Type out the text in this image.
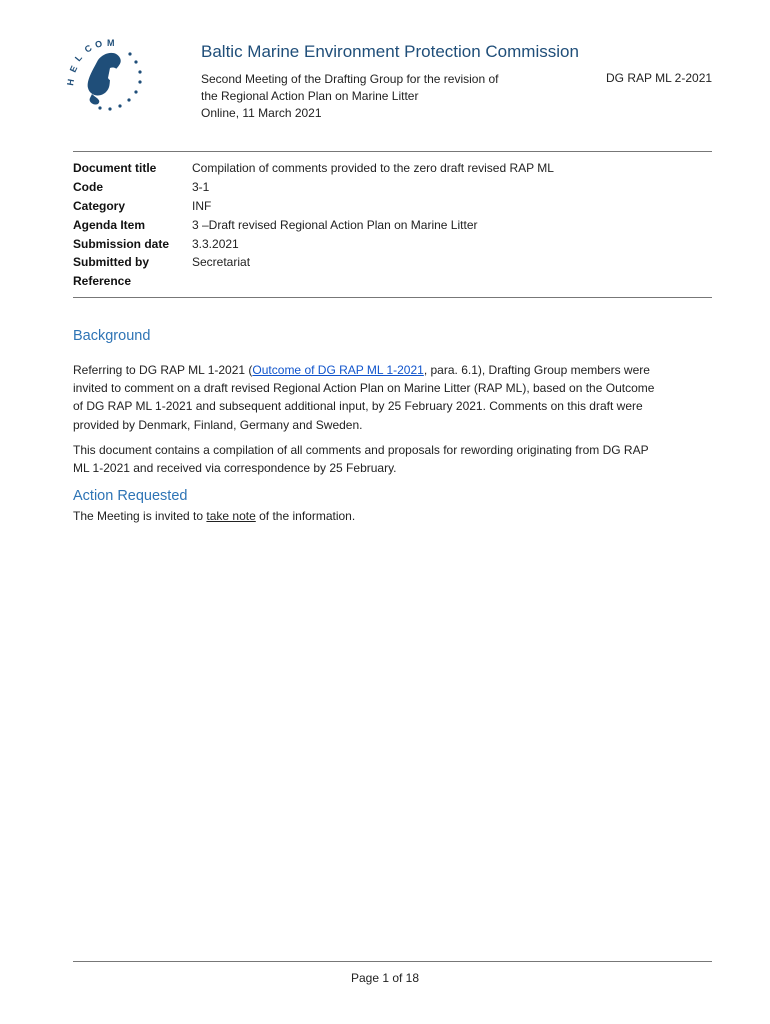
H
E
L
C O M	Baltic Marine Environment Protection Commission
Second Meeting of the Drafting Group for the revision of
the Regional Action Plan on Marine Litter
Online, 11 March 2021
DG RAP ML 2-2021
Document title	Compilation of comments provided to the zero draft revised RAP ML
Code	3-1
Category	INF
Agenda Item	3 –Draft revised Regional Action Plan on Marine Litter
Submission date	3.3.2021
Submitted by	Secretariat
Reference
Background
Referring to DG RAP ML 1-2021 (Outcome of DG RAP ML 1-2021, para. 6.1), Drafting Group members were
invited to comment on a draft revised Regional Action Plan on Marine Litter (RAP ML), based on the Outcome
of DG RAP ML 1-2021 and subsequent additional input, by 25 February 2021. Comments on this draft were
provided by Denmark, Finland, Germany and Sweden.
This document contains a compilation of all comments and proposals for rewording originating from DG RAP
ML 1-2021 and received via correspondence by 25 February.
Action Requested
The Meeting is invited to take note of the information.
Page 1 of 18
